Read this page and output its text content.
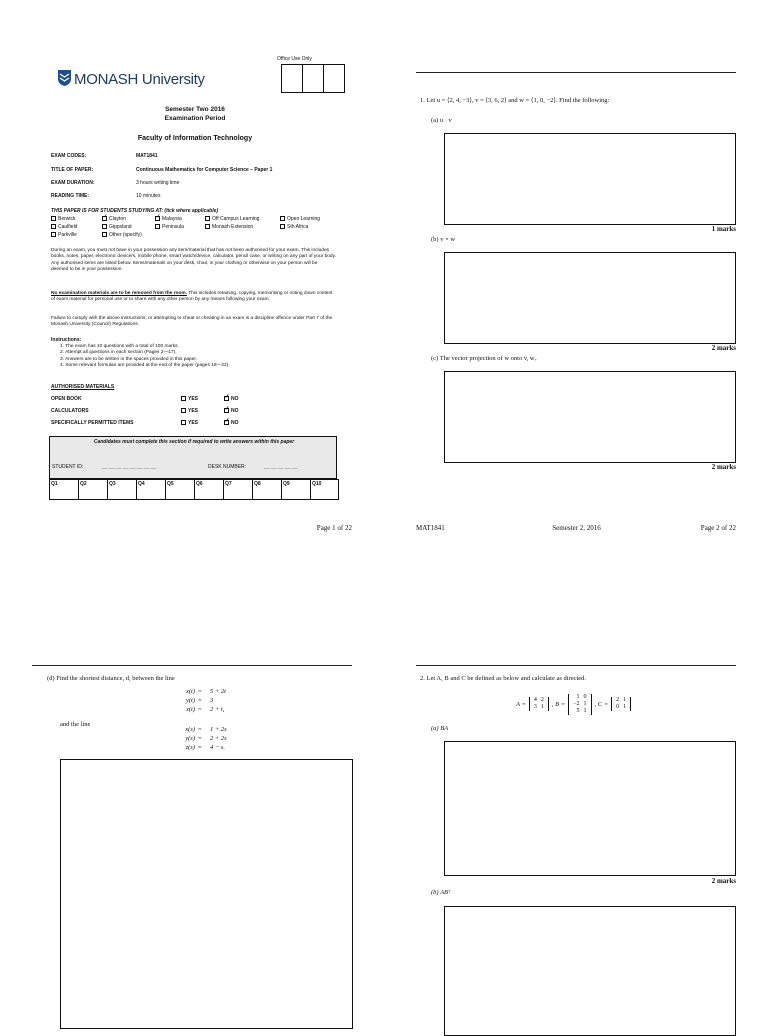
Office Use Only
MONASH University
Semester Two 2016
Examination Period
Faculty of Information Technology
EXAM CODES:	MAT1841
TITLE OF PAPER:	Continuous Mathematics for Computer Science – Paper 1
EXAM DURATION:	3 hours writing time
READING TIME:	10 minutes
THIS PAPER IS FOR STUDENTS STUDYING AT: (tick where applicable)
Berwick ✓	Clayton ✓	Malaysia	Off Campus Learning	Open Learning
Caulfield	Gippsland	Peninsula	Monash Extension	Sth Africa
Parkville	Other (specify)
During an exam, you must not have in your possession any item/material that has not been authorised for your exam. This includes books, notes, paper, electronic device/s, mobile phone, smart watch/device, calculator, pencil case, or writing on any part of your body. Any authorised items are listed below. Items/materials on your desk, chair, in your clothing or otherwise on your person will be deemed to be in your possession.
No examination materials are to be removed from the room. This includes retaining, copying, memorising or noting down content of exam material for personal use or to share with any other person by any means following your exam.
Failure to comply with the above instructions, or attempting to cheat or cheating in an exam is a discipline offence under Part 7 of the Monash University (Council) Regulations.
Instructions:
1. The exam has 10 questions with a total of 100 marks.
2. Attempt all questions in each section (Pages 2—17).
3. Answers are to be written in the spaces provided in this paper.
4. Some relevant formulae are provided at the end of the paper (pages 18—22).
AUTHORISED MATERIALS
OPEN BOOK	YES ✓	NO
CALCULATORS	YES ✓	NO
SPECIFICALLY PERMITTED ITEMS	YES ✓	NO
Candidates must complete this section if required to write answers within this paper
STUDENT ID:	__ __ __ __ __ __ __ __	DESK NUMBER:	__ __ __ __ __
Q1	Q2	Q3	Q4	Q5	Q6	Q7	Q8	Q9	Q10
Page 1 of 22
1. Let u = ⟨2, 4, −3⟩, v = ⟨3, 6, 2⟩ and w = ⟨1, 0, −2⟩. Find the following:
(a) u · v
1 marks
(b) v × w
2 marks
(c) The vector projection of w onto v, wᵥ
2 marks
MAT1841	Semester 2, 2016	Page 2 of 22
(d) Find the shortest distance, d, between the line
x(t) = 5 + 2t
y(t) = 3
z(t) = 2 + t,
and the line
x(s) = 1 + 2s
y(s) = 2 + 2s
z(s) = 4 − s.
2. Let A, B and C be defined as below and calculate as directed.
A =
4	2
3	1 , B =
1	0
−2	1
5	1
, C =
2	1
0	1
(a) BA
2 marks
(b) ABᵀ
